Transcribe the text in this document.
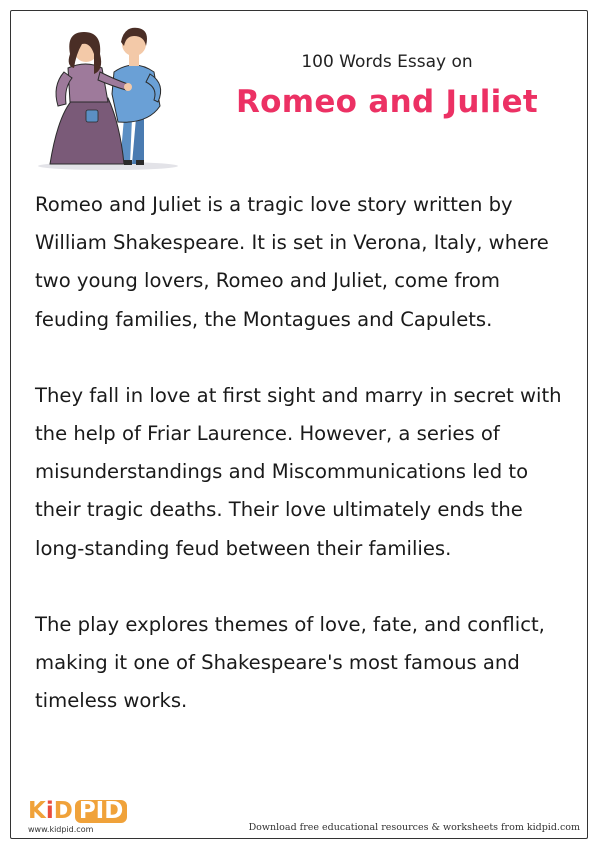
100 Words Essay on
Romeo and Juliet

Romeo and Juliet is a tragic love story written by William Shakespeare. It is set in Verona, Italy, where two young lovers, Romeo and Juliet, come from feuding families, the Montagues and Capulets.

They fall in love at first sight and marry in secret with the help of Friar Laurence. However, a series of misunderstandings and Miscommunications led to their tragic deaths. Their love ultimately ends the long-standing feud between their families.

The play explores themes of love, fate, and conflict, making it one of Shakespeare's most famous and timeless works.

K i D PID
www.kidpid.com	Download free educational resources & worksheets from kidpid.com
